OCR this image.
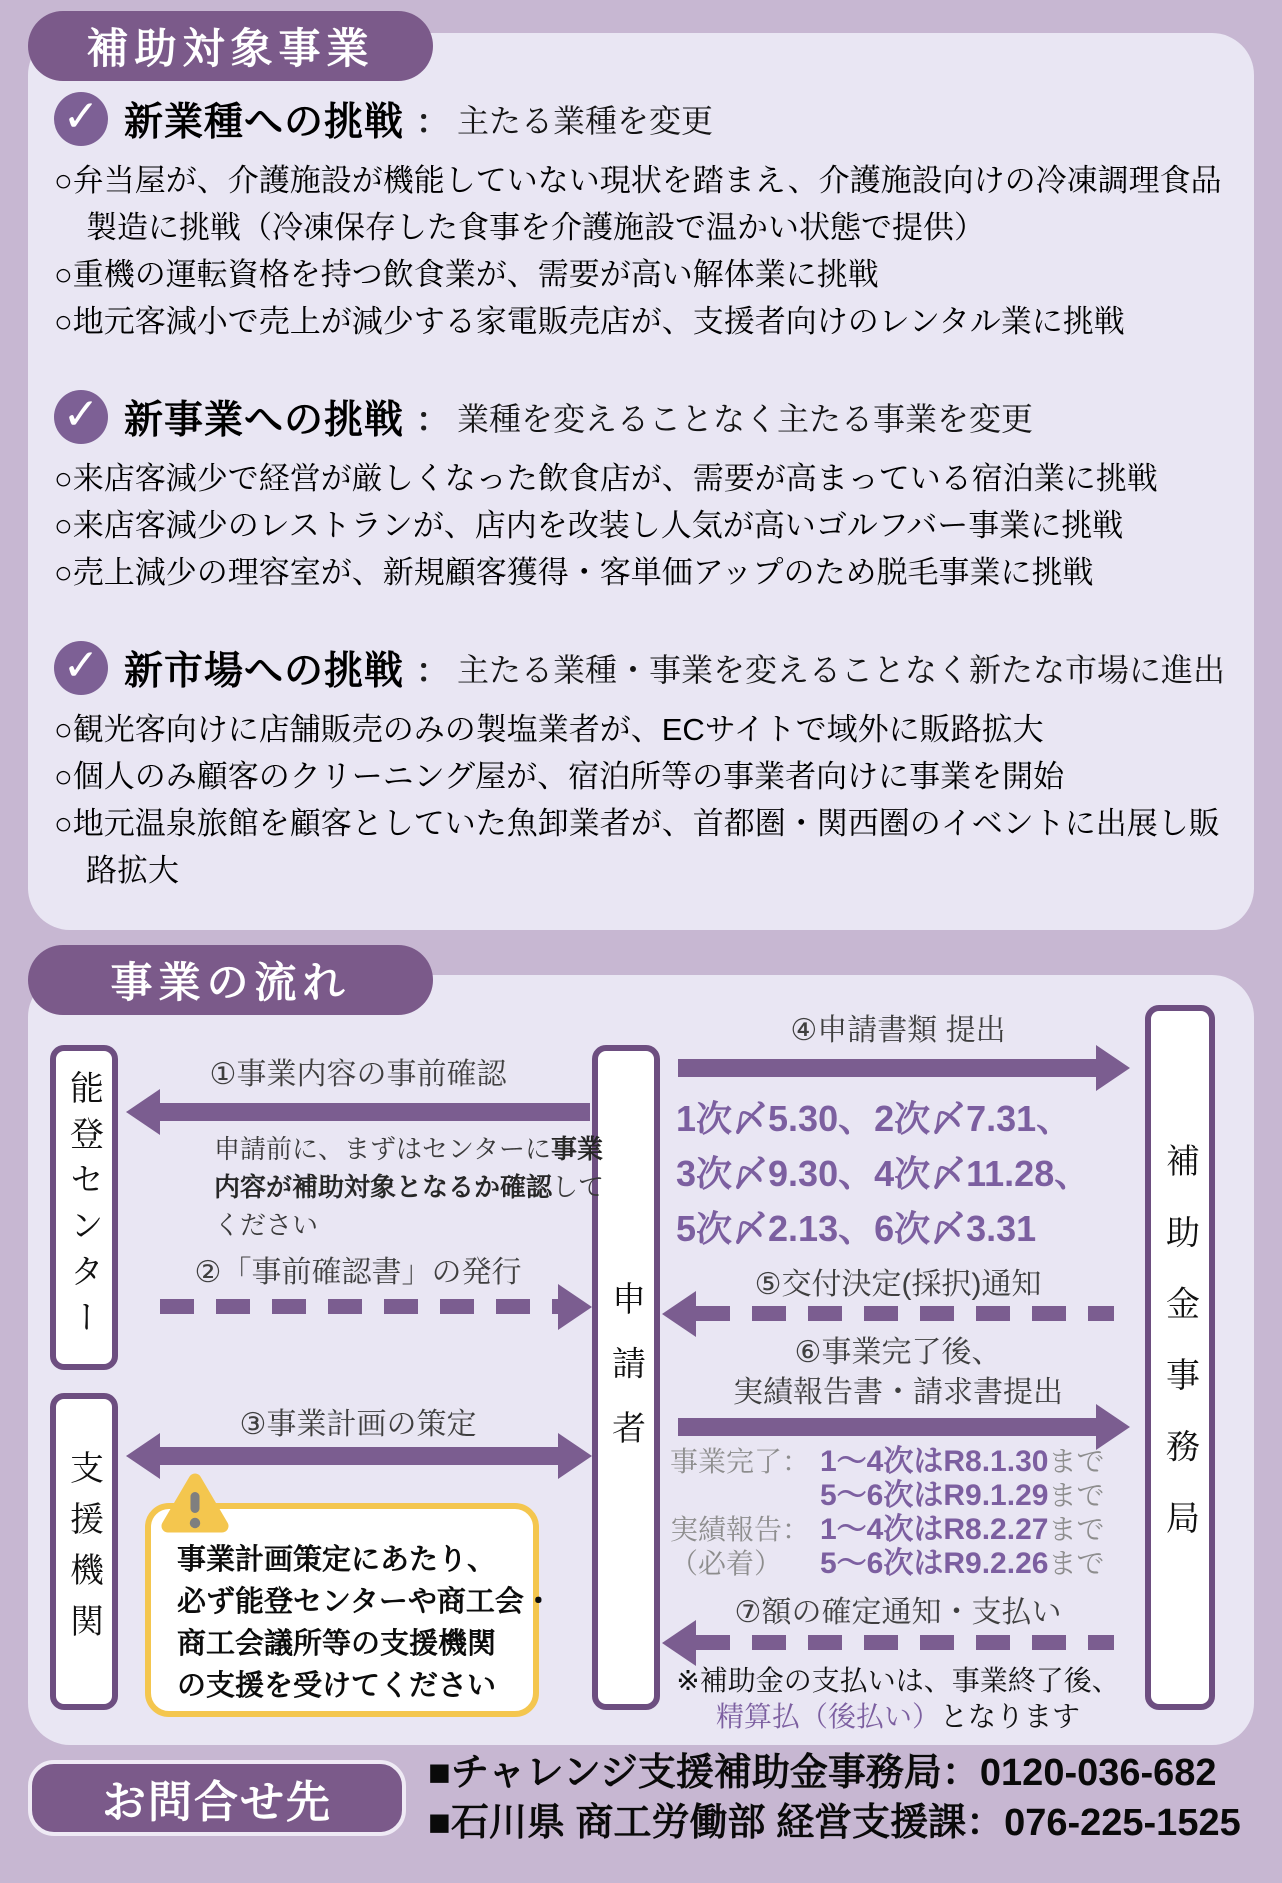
補助対象事業
✓ 新業種への挑戦 ： 主たる業種を変更
○弁当屋が、介護施設が機能していない現状を踏まえ、介護施設向けの冷凍調理食品製造に挑戦（冷凍保存した食事を介護施設で温かい状態で提供）
○重機の運転資格を持つ飲食業が、需要が高い解体業に挑戦
○地元客減小で売上が減少する家電販売店が、支援者向けのレンタル業に挑戦
✓ 新事業への挑戦 ： 業種を変えることなく主たる事業を変更
○来店客減少で経営が厳しくなった飲食店が、需要が高まっている宿泊業に挑戦
○来店客減少のレストランが、店内を改装し人気が高いゴルフバー事業に挑戦
○売上減少の理容室が、新規顧客獲得・客単価アップのため脱毛事業に挑戦
✓ 新市場への挑戦 ： 主たる業種・事業を変えることなく新たな市場に進出
○観光客向けに店舗販売のみの製塩業者が、ECサイトで域外に販路拡大
○個人のみ顧客のクリーニング屋が、宿泊所等の事業者向けに事業を開始
○地元温泉旅館を顧客としていた魚卸業者が、首都圏・関西圏のイベントに出展し販路拡大
事業の流れ
能登センター
支援機関
申請者	補助金事務局
①事業内容の事前確認
申請前に、まずはセンターに事業内容が補助対象となるか確認してください
②「事前確認書」の発行
③事業計画の策定
事業計画策定にあたり、
必ず能登センターや商工会・
商工会議所等の支援機関
の支援を受けてください
④申請書類 提出
1次〆5.30、2次〆7.31、
3次〆9.30、4次〆11.28、
5次〆2.13、6次〆3.31
⑤交付決定(採択)通知
⑥事業完了後、
実績報告書・請求書提出
事業完了： 1〜4次はR8.1.30 まで
5〜6次はR9.1.29 まで
実績報告： 1〜4次はR8.2.27 まで
（必着）	5〜6次はR9.2.26 まで
⑦額の確定通知・支払い
※補助金の支払いは、事業終了後、
精算払（後払い）となります
お問合せ先
■チャレンジ支援補助金事務局：0120-036-682
■石川県 商工労働部 経営支援課：076-225-1525
